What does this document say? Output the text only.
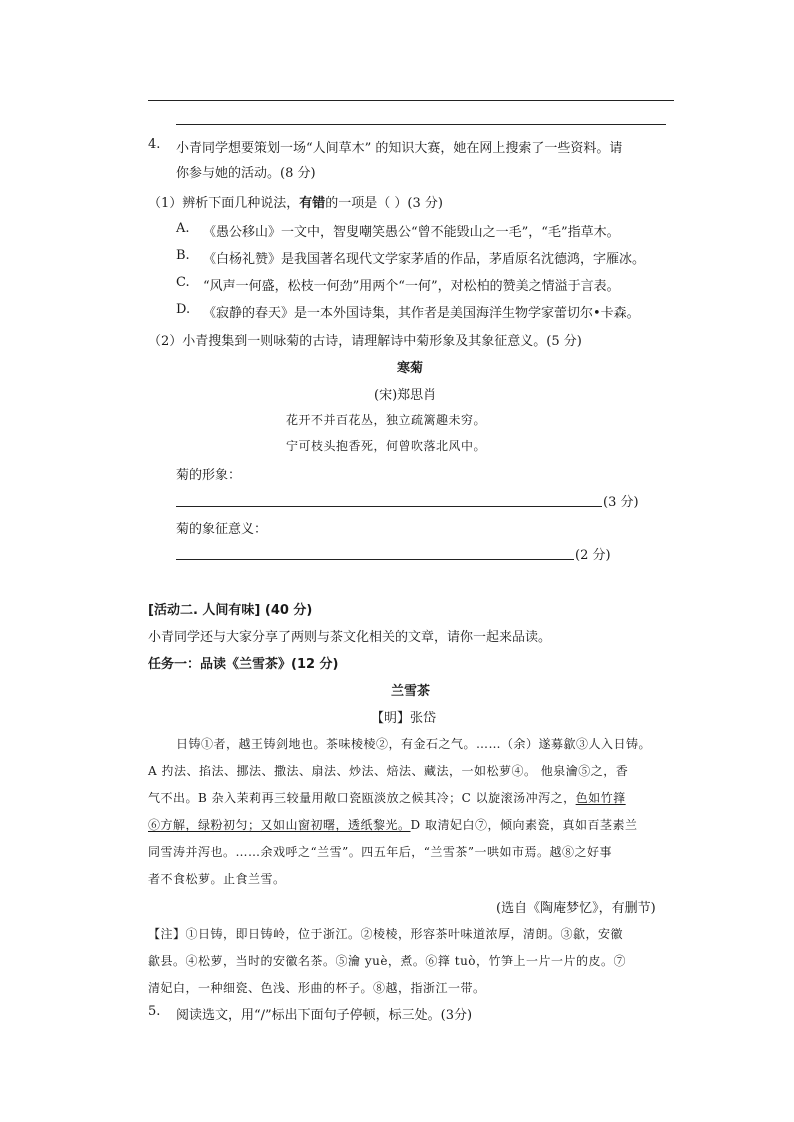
4. 小青同学想要策划一场“人间草木” 的知识大赛，她在网上搜索了一些资料。请
你参与她的活动。(8 分)
（1）辨析下面几种说法，有错的一项是（ ）(3 分)
A. 《愚公移山》一文中，智叟嘲笑愚公“曾不能毁山之一毛”，“毛”指草木。
B. 《白杨礼赞》是我国著名现代文学家茅盾的作品，茅盾原名沈德鸿，字雁冰。
C. “风声一何盛，松枝一何劲”用两个“一何”，对松柏的赞美之情溢于言表。
D. 《寂静的春天》是一本外国诗集，其作者是美国海洋生物学家蕾切尔•卡森。
（2）小青搜集到一则咏菊的古诗，请理解诗中菊形象及其象征意义。(5 分)
寒菊
(宋)郑思肖
花开不并百花丛，独立疏篱趣未穷。
宁可枝头抱香死，何曾吹落北风中。
菊的形象：
(3 分)
菊的象征意义：
(2 分)
[活动二. 人间有味] (40 分)
小青同学还与大家分享了两则与茶文化相关的文章，请你一起来品读。
任务一：品读《兰雪茶》(12 分)
兰雪茶
【明】张岱
日铸①者，越王铸剑地也。茶味棱棱②，有金石之气。……（余）遂募歙③人入日铸。
A 扚法、掐法、挪法、撒法、扇法、炒法、焙法、藏法，一如松萝④。 他泉瀹⑤之，香
气不出。B 杂入茉莉再三较量用敞口瓷瓯淡放之候其冷；C 以旋滚汤冲泻之，色如竹箨
⑥方解，绿粉初匀；又如山窗初曙，透纸黎光。D 取清妃白⑦，倾向素瓷，真如百茎素兰
同雪涛并泻也。……余戏呼之“兰雪”。四五年后，“兰雪茶”一哄如市焉。越⑧之好事
者不食松萝。止食兰雪。
(选自《陶庵梦忆》，有删节)
【注】①日铸，即日铸岭，位于浙江。②棱棱，形容茶叶味道浓厚，清朗。③歙，安徽
歙县。④松萝，当时的安徽名茶。⑤瀹 yuè，煮。⑥箨 tuò，竹笋上一片一片的皮。⑦
清妃白，一种细瓷、色浅、形曲的杯子。⑧越，指浙江一带。
5. 阅读选文，用“/”标出下面句子停顿，标三处。(3分)
